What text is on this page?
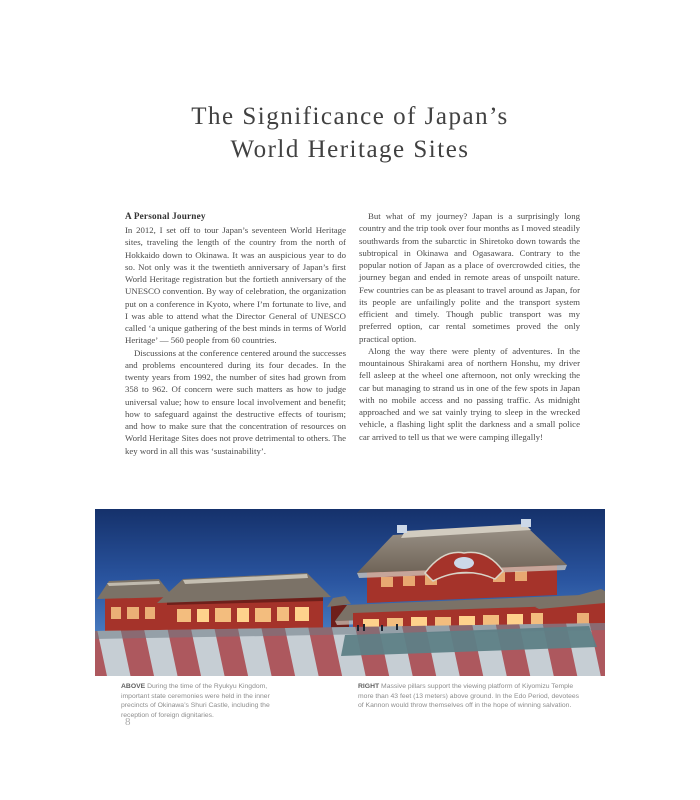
The Significance of Japan’s
World Heritage Sites
A Personal Journey

In 2012, I set off to tour Japan’s seventeen World Heritage sites, traveling the length of the country from the north of Hokkaido down to Okinawa. It was an auspicious year to do so. Not only was it the twentieth anniversary of Japan’s first World Heritage registration but the fortieth anniversary of the UNESCO convention. By way of celebration, the organization put on a conference in Kyoto, where I’m fortunate to live, and I was able to attend what the Director General of UNESCO called ‘a unique gathering of the best minds in terms of World Heritage’ — 560 people from 60 countries.

Discussions at the conference centered around the successes and problems encountered during its four decades. In the twenty years from 1992, the number of sites had grown from 358 to 962. Of concern were such matters as how to judge universal value; how to ensure local involvement and benefit; how to safeguard against the destructive effects of tourism; and how to make sure that the concentration of resources on World Heritage Sites does not prove detrimental to others. The key word in all this was ‘sustainability’.

But what of my journey? Japan is a surprisingly long country and the trip took over four months as I moved steadily southwards from the subarctic in Shiretoko down towards the subtropical in Okinawa and Ogasawara. Contrary to the popular notion of Japan as a place of overcrowded cities, the journey began and ended in remote areas of unspoilt nature. Few countries can be as pleasant to travel around as Japan, for its people are unfailingly polite and the transport system efficient and timely. Though public transport was my preferred option, car rental sometimes proved the only practical option.

Along the way there were plenty of adventures. In the mountainous Shirakami area of northern Honshu, my driver fell asleep at the wheel one afternoon, not only wrecking the car but managing to strand us in one of the few spots in Japan with no mobile access and no passing traffic. As midnight approached and we sat vainly trying to sleep in the wrecked vehicle, a flashing light split the darkness and a small police car arrived to tell us that we were camping illegally!

ABOVE During the time of the Ryukyu Kingdom, important state ceremonies were held in the inner precincts of Okinawa’s Shuri Castle, including the reception of foreign dignitaries.

RIGHT Massive pillars support the viewing platform of Kiyomizu Temple more than 43 feet (13 meters) above ground. In the Edo Period, devotees of Kannon would throw themselves off in the hope of winning salvation.

8
